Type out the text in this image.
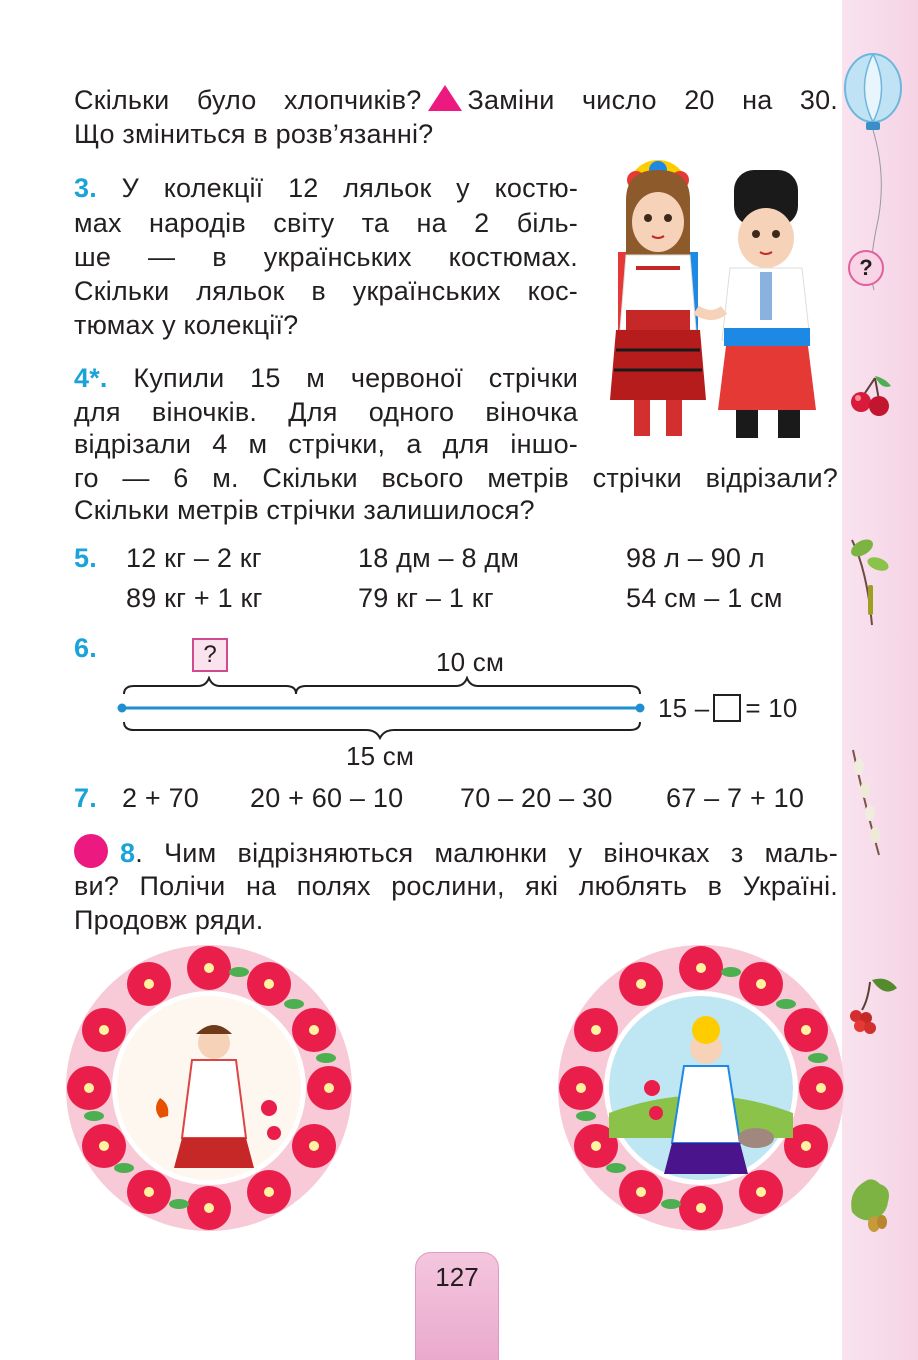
?
Скільки було хлопчиків? Заміни число 20 на 30.
Що зміниться в розв’язанні?
3. У колекції 12 ляльок у костю-
мах народів світу та на 2 біль-
ше — в українських костюмах.
Скільки ляльок в українських кос-
тюмах у колекції?
4*. Купили 15 м червоної стрічки
для віночків. Для одного віночка
відрізали 4 м стрічки, а для іншо-
го — 6 м. Скільки всього метрів стрічки відрізали?
Скільки метрів стрічки залишилося?
5. 12 кг – 2 кг	18 дм – 8 дм	98 л – 90 л
89 кг + 1 кг	79 кг – 1 кг	54 см – 1 см
6.	?	10 см
15 – = 10
15 см
7. 2 + 70 20 + 60 – 10 70 – 20 – 30 67 – 7 + 10
8. Чим відрізняються малюнки у віночках з маль-
ви? Полічи на полях рослини, які люблять в Україні.
Продовж ряди.
127
